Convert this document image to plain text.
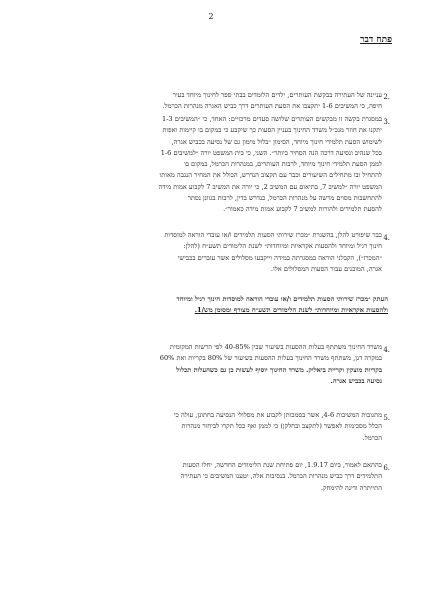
2
פתח דבר
2.
עניינה של העתירה בבקשת העותרים, ילדים הלומדים בבתי ספר לחינוך מיוחד בעיר
חיפה, כי המשיבים 1-6 יתקצבו את הסעת העותרים דרך כביש האגרה מנהרות הכרמל.
3.
במסגרת בקשה זו מבקשים העותרים שלושה סעדים מרכזיים: האחד, כי ״המשיבים 1-3
יתקנו את חוזר מנכ״ל משרד החינוך בעניין הסעות כך שיקבע כי במקום בו קיימות ואפות
לשימוש הסעת תלמידי חינוך מיוחד, הסימון ״בלול מימון גם של נסיעה בכביש אגרה,
ככל שנהיב ונסיעה דרכה הנה הסחיר ביותר״. השני, כי בית המשפט יורה ״למשיבים 1-6
לממן הסעת תלמידי חינוך מיוחד, לרבות העותרים, במנהרות הכרמל, במקום בו
להתחיל ובו מתחילים השיעורים וכבר עם תקצוב הנדרש, הכולל את המחיר הנגבה מאותו
המשפט יורה ״למשיב 7, בתיאום עם המשיב 2, כי יורה את המשיב 7 לקבוע אמות מידה
להתחשבות מסוים מרשה על מנהרות הכרמל, כנדרש בדין, לרבות בגוונן נסתר
להסעת תלמידים ולהורות למשיב 7 לקבוע אמות מידה כאמור״.
4.
כבר שיפורט להלן, בהשגרת ״מכרז שירותי הסעות תלמידים ו/או עובדי הוראה למוסדות
חינוך רגיל ומיוחד ולהסעות אקראיות ומיוחדות״ לשנת הלימודים תשע״ח (להלן:
״המכרז״), הקבלני הוראה במסגרתה במידה וייקבעו מסלולים אשר עוברים בכבישי
אגרה, המובנים עבור הסעות המסלולים אלו.
העתק ״מכרז שירותי הסעות תלמידים ו/או עובדי הוראה למוסדות חינוך רגיל ומיוחד
ולהסעות אקראיות ומיוחדות״ לשנת הלימודים תשע״ח מצורף ומסומן מש/1.
4.
משרד החינוך משתתף בעלות ההסעות בשיעור שבין 40-85% לפי הרשות המקומית
במקרה דנן, משתתף משרד החינוך בעלות ההסעות בשיעור של 80% בקריות ואת 60%
בקריות מוצקין וקריית ביאליק. משרד החינוך יוסיף לעשות כן גם כשהעלות תכלול
נסיעה בכביש אגרה.
5.
מתגובות המשיבות 4-6, אשר בסמכותן לקבוע את מסלולי הנסיעה בחתונן, עולה כי
הכלל מסכימות לאפשר (לתקצב ובחלקן) כי לממן ואף ככל תקרו לביחור מנהרות
הכרמל.
6.
בהתאם לאמור, ביום 1.9.17, יום פתיחת שנת הלימודים החדשה, יחלו הסעות
התלמידים דרך כביש מנהרות הכרמל. בנסיבות אלה, יטענו המשיבים כי העתירה
התייתרה ודינה להימחק.
